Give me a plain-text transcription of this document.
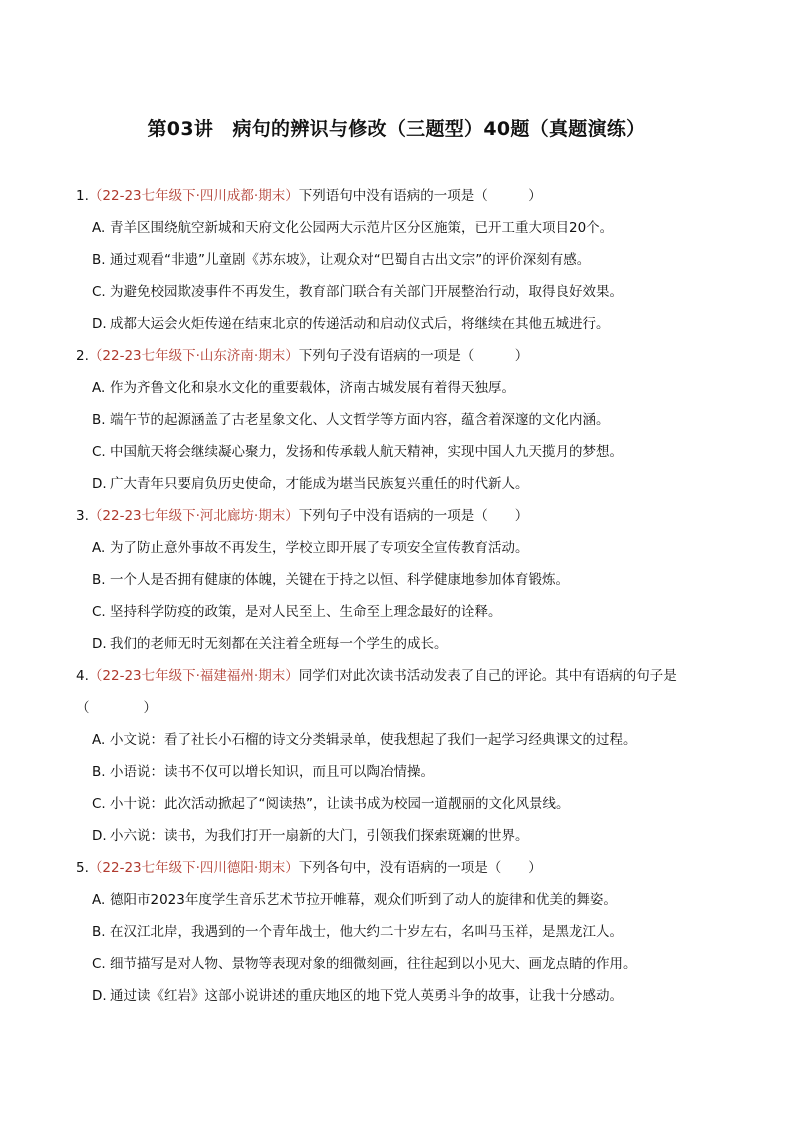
第03讲　病句的辨识与修改（三题型）40题（真题演练）
1.（22-23七年级下·四川成都·期末）下列语句中没有语病的一项是（　　　）
A. 青羊区围绕航空新城和天府文化公园两大示范片区分区施策，已开工重大项目20个。
B. 通过观看“非遗”儿童剧《苏东坡》，让观众对“巴蜀自古出文宗”的评价深刻有感。
C. 为避免校园欺凌事件不再发生，教育部门联合有关部门开展整治行动，取得良好效果。
D. 成都大运会火炬传递在结束北京的传递活动和启动仪式后，将继续在其他五城进行。
2.（22-23七年级下·山东济南·期末）下列句子没有语病的一项是（　　　）
A. 作为齐鲁文化和泉水文化的重要载体，济南古城发展有着得天独厚。
B. 端午节的起源涵盖了古老星象文化、人文哲学等方面内容，蕴含着深邃的文化内涵。
C. 中国航天将会继续凝心聚力，发扬和传承载人航天精神，实现中国人九天揽月的梦想。
D. 广大青年只要肩负历史使命，才能成为堪当民族复兴重任的时代新人。
3.（22-23七年级下·河北廊坊·期末）下列句子中没有语病的一项是（　　）
A. 为了防止意外事故不再发生，学校立即开展了专项安全宣传教育活动。
B. 一个人是否拥有健康的体魄，关键在于持之以恒、科学健康地参加体育锻炼。
C. 坚持科学防疫的政策，是对人民至上、生命至上理念最好的诠释。
D. 我们的老师无时无刻都在关注着全班每一个学生的成长。
4.（22-23七年级下·福建福州·期末）同学们对此次读书活动发表了自己的评论。其中有语病的句子是
（　　　　）
A. 小文说：看了社长小石榴的诗文分类辑录单，使我想起了我们一起学习经典课文的过程。
B. 小语说：读书不仅可以增长知识，而且可以陶冶情操。
C. 小十说：此次活动掀起了“阅读热”，让读书成为校园一道靓丽的文化风景线。
D. 小六说：读书，为我们打开一扇新的大门，引领我们探索斑斓的世界。
5.（22-23七年级下·四川德阳·期末）下列各句中，没有语病的一项是（　　）
A. 德阳市2023年度学生音乐艺术节拉开帷幕，观众们听到了动人的旋律和优美的舞姿。
B. 在汉江北岸，我遇到的一个青年战士，他大约二十岁左右，名叫马玉祥，是黑龙江人。
C. 细节描写是对人物、景物等表现对象的细微刻画，往往起到以小见大、画龙点睛的作用。
D. 通过读《红岩》这部小说讲述的重庆地区的地下党人英勇斗争的故事，让我十分感动。
